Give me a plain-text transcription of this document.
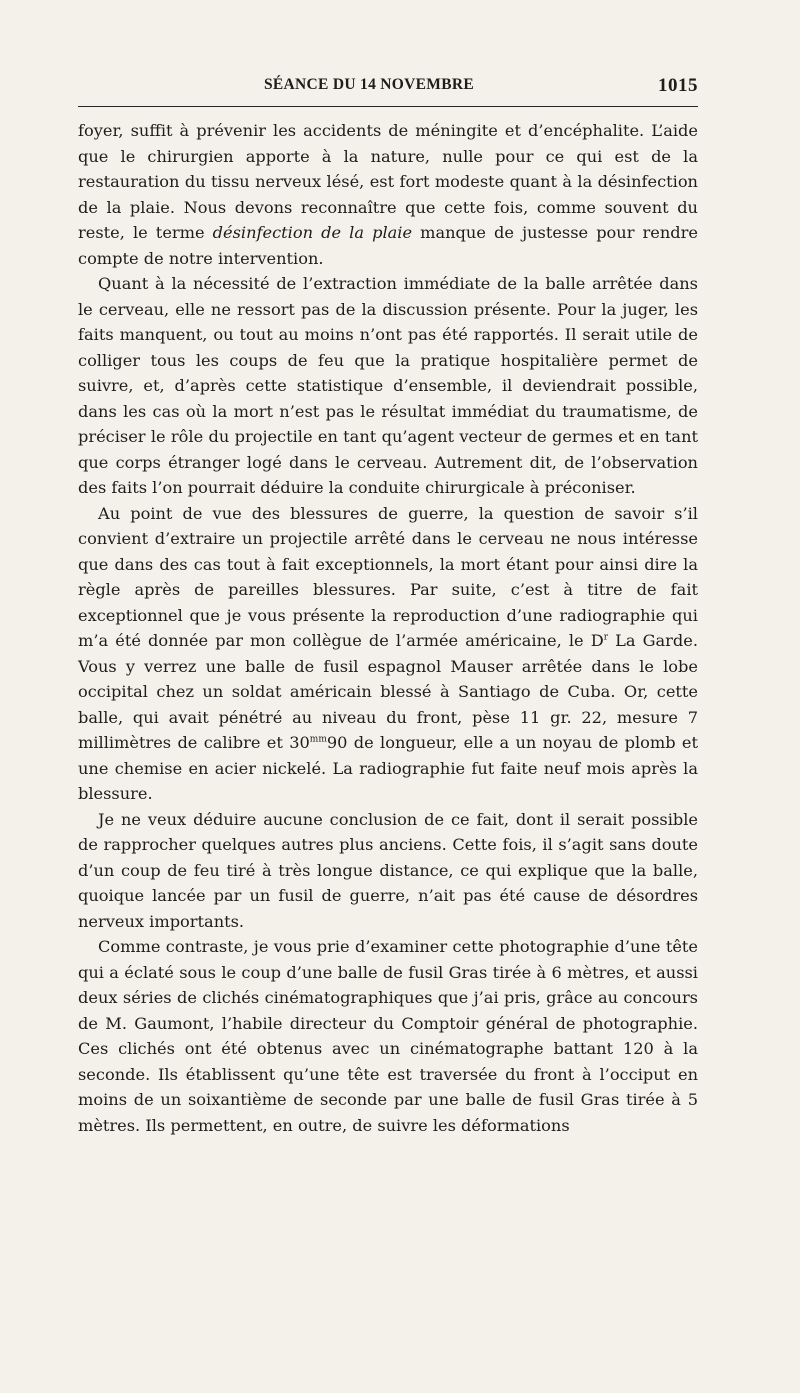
SÉANCE DU 14 NOVEMBRE	1015

foyer, suffit à prévenir les accidents de méningite et d’encéphalite. L’aide que le chirurgien apporte à la nature, nulle pour ce qui est de la restauration du tissu nerveux lésé, est fort modeste quant à la désinfection de la plaie. Nous devons reconnaître que cette fois, comme souvent du reste, le terme désinfection de la plaie manque de justesse pour rendre compte de notre intervention.

Quant à la nécessité de l’extraction immédiate de la balle arrêtée dans le cerveau, elle ne ressort pas de la discussion présente. Pour la juger, les faits manquent, ou tout au moins n’ont pas été rapportés. Il serait utile de colliger tous les coups de feu que la pratique hospitalière permet de suivre, et, d’après cette statistique d’ensemble, il deviendrait possible, dans les cas où la mort n’est pas le résultat immédiat du traumatisme, de préciser le rôle du projectile en tant qu’agent vecteur de germes et en tant que corps étranger logé dans le cerveau. Autrement dit, de l’observation des faits l’on pourrait déduire la conduite chirurgicale à préconiser.

Au point de vue des blessures de guerre, la question de savoir s’il convient d’extraire un projectile arrêté dans le cerveau ne nous intéresse que dans des cas tout à fait exceptionnels, la mort étant pour ainsi dire la règle après de pareilles blessures. Par suite, c’est à titre de fait exceptionnel que je vous présente la reproduction d’une radiographie qui m’a été donnée par mon collègue de l’armée américaine, le $D^r$ La Garde. Vous y verrez une balle de fusil espagnol Mauser arrêtée dans le lobe occipital chez un soldat américain blessé à Santiago de Cuba. Or, cette balle, qui avait pénétré au niveau du front, pèse 11 gr. 22, mesure 7 millimètres de calibre et $30^{mm}90$ de longueur, elle a un noyau de plomb et une chemise en acier nickelé. La radiographie fut faite neuf mois après la blessure.

Je ne veux déduire aucune conclusion de ce fait, dont il serait possible de rapprocher quelques autres plus anciens. Cette fois, il s’agit sans doute d’un coup de feu tiré à très longue distance, ce qui explique que la balle, quoique lancée par un fusil de guerre, n’ait pas été cause de désordres nerveux importants.

Comme contraste, je vous prie d’examiner cette photographie d’une tête qui a éclaté sous le coup d’une balle de fusil Gras tirée à 6 mètres, et aussi deux séries de clichés cinématographiques que j’ai pris, grâce au concours de M. Gaumont, l’habile directeur du Comptoir général de photographie. Ces clichés ont été obtenus avec un cinématographe battant 120 à la seconde. Ils établissent qu’une tête est traversée du front à l’occiput en moins de un soixantième de seconde par une balle de fusil Gras tirée à 5 mètres. Ils permettent, en outre, de suivre les déformations
